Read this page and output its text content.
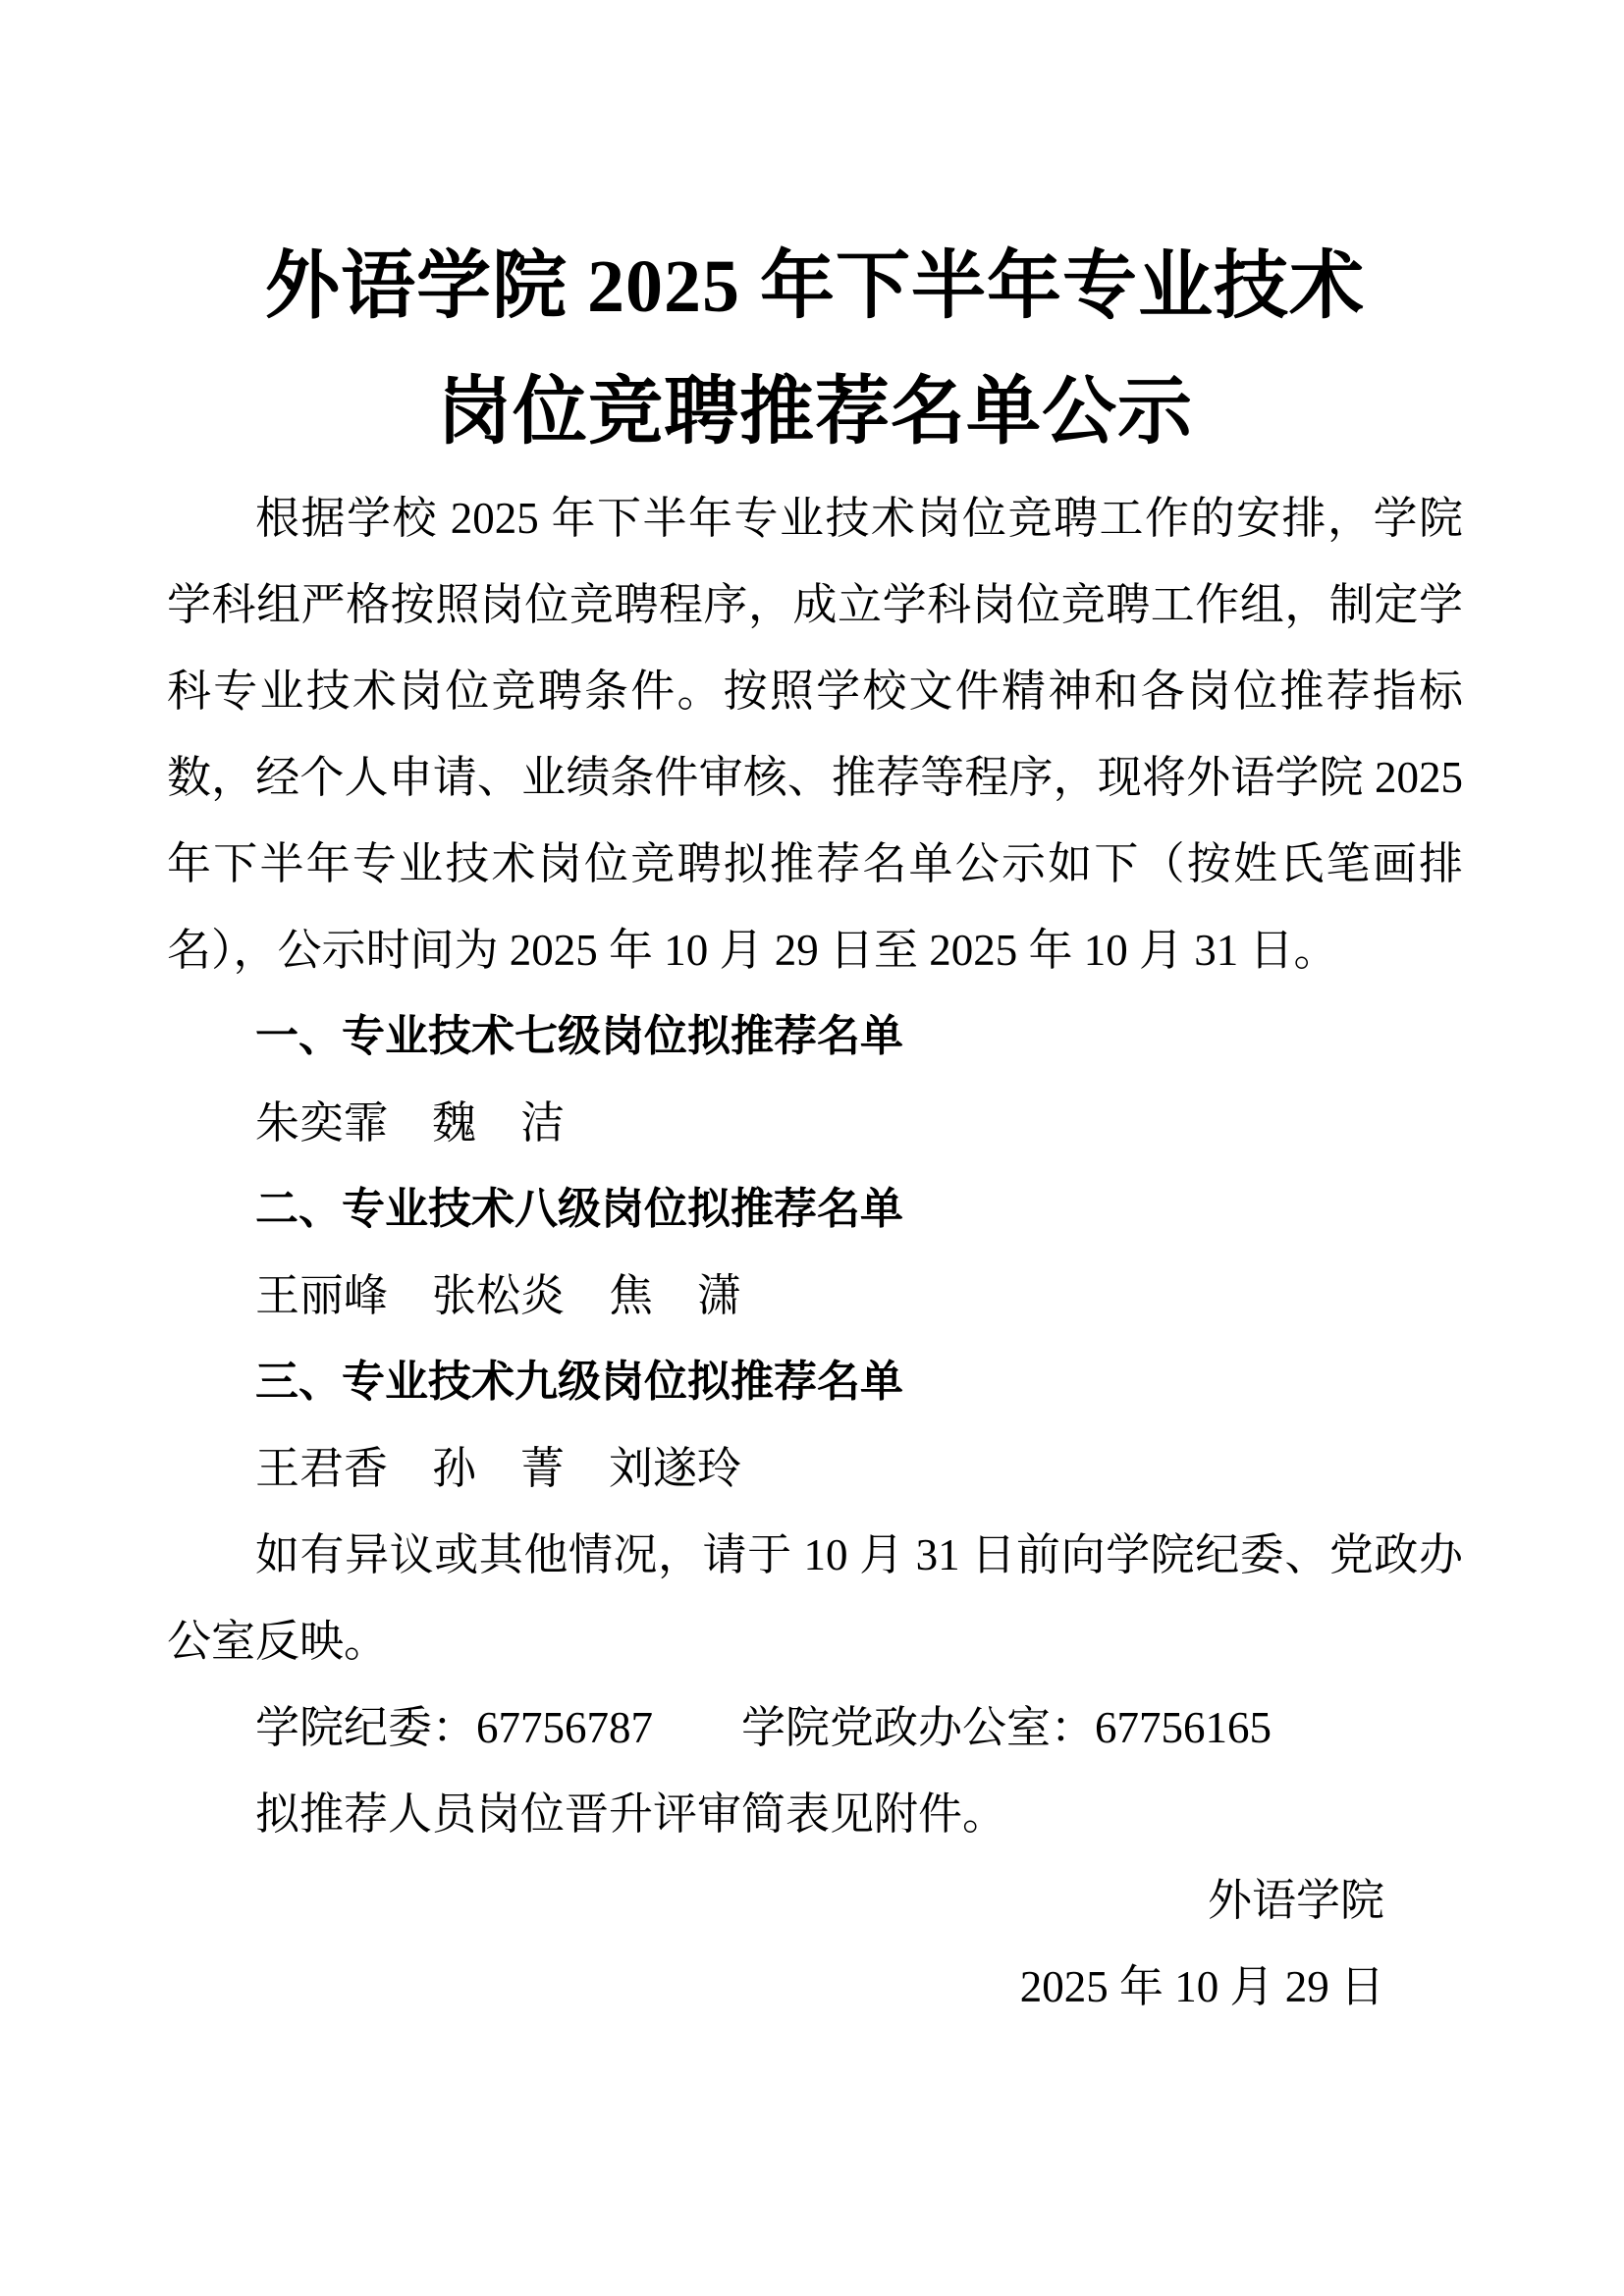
外语学院 2025 年下半年专业技术
岗位竞聘推荐名单公示

根据学校 2025 年下半年专业技术岗位竞聘工作的安排，学院学科组严格按照岗位竞聘程序，成立学科岗位竞聘工作组，制定学科专业技术岗位竞聘条件。按照学校文件精神和各岗位推荐指标数，经个人申请、业绩条件审核、推荐等程序，现将外语学院 2025 年下半年专业技术岗位竞聘拟推荐名单公示如下（按姓氏笔画排名），公示时间为 2025 年 10 月 29 日至 2025 年 10 月 31 日。

一、专业技术七级岗位拟推荐名单

朱奕霏　魏　洁

二、专业技术八级岗位拟推荐名单

王丽峰　张松炎　焦　潇

三、专业技术九级岗位拟推荐名单

王君香　孙　菁　刘遂玲

如有异议或其他情况，请于 10 月 31 日前向学院纪委、党政办公室反映。

学院纪委：67756787　　学院党政办公室：67756165

拟推荐人员岗位晋升评审简表见附件。

外语学院
2025 年 10 月 29 日
